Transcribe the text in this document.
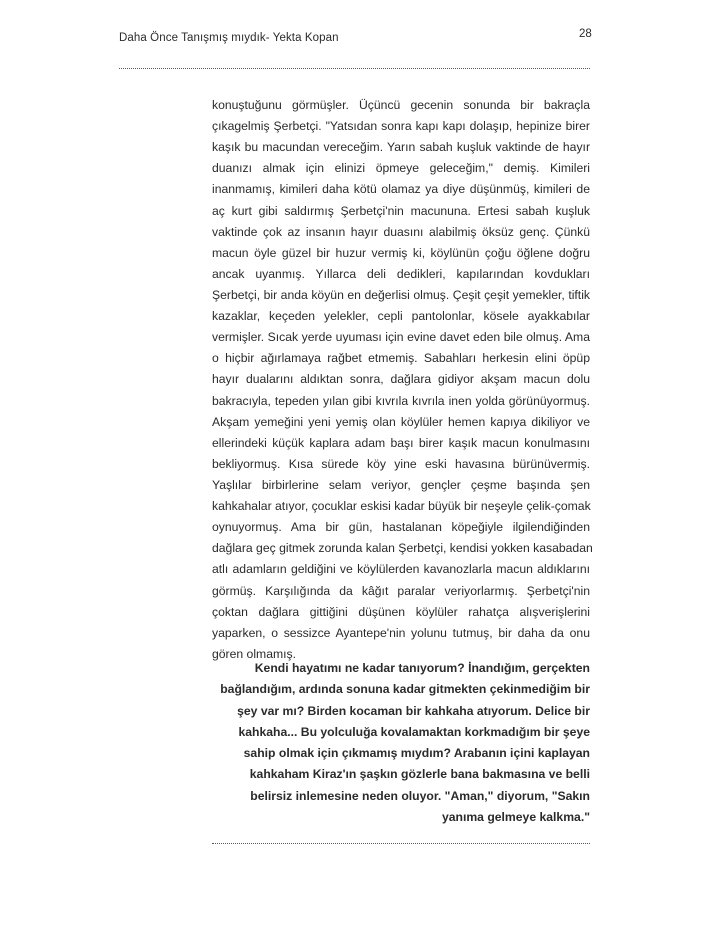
Daha Önce Tanışmış mıydık- Yekta Kopan	28
konuştuğunu görmüşler. Üçüncü gecenin sonunda bir bakraçla
çıkagelmiş Şerbetçi. "Yatsıdan sonra kapı kapı dolaşıp, hepinize birer
kaşık bu macundan vereceğim. Yarın sabah kuşluk vaktinde de hayır
duanızı almak için elinizi öpmeye geleceğim," demiş. Kimileri
inanmamış, kimileri daha kötü olamaz ya diye düşünmüş, kimileri de
aç kurt gibi saldırmış Şerbetçi'nin macununa. Ertesi sabah kuşluk
vaktinde çok az insanın hayır duasını alabilmiş öksüz genç. Çünkü
macun öyle güzel bir huzur vermiş ki, köylünün çoğu öğlene doğru
ancak uyanmış. Yıllarca deli dedikleri, kapılarından kovdukları
Şerbetçi, bir anda köyün en değerlisi olmuş. Çeşit çeşit yemekler, tiftik
kazaklar, keçeden yelekler, cepli pantolonlar, kösele ayakkabılar
vermişler. Sıcak yerde uyuması için evine davet eden bile olmuş. Ama
o hiçbir ağırlamaya rağbet etmemiş. Sabahları herkesin elini öpüp
hayır dualarını aldıktan sonra, dağlara gidiyor akşam macun dolu
bakracıyla, tepeden yılan gibi kıvrıla kıvrıla inen yolda görünüyormuş.
Akşam yemeğini yeni yemiş olan köylüler hemen kapıya dikiliyor ve
ellerindeki küçük kaplara adam başı birer kaşık macun konulmasını
bekliyormuş. Kısa sürede köy yine eski havasına bürünüvermiş.
Yaşlılar birbirlerine selam veriyor, gençler çeşme başında şen
kahkahalar atıyor, çocuklar eskisi kadar büyük bir neşeyle çelik-çomak
oynuyormuş. Ama bir gün, hastalanan köpeğiyle ilgilendiğinden
dağlara geç gitmek zorunda kalan Şerbetçi, kendisi yokken kasabadan
atlı adamların geldiğini ve köylülerden kavanozlarla macun aldıklarını
görmüş. Karşılığında da kâğıt paralar veriyorlarmış. Şerbetçi'nin
çoktan dağlara gittiğini düşünen köylüler rahatça alışverişlerini
yaparken, o sessizce Ayantepe'nin yolunu tutmuş, bir daha da onu
gören olmamış.
Kendi hayatımı ne kadar tanıyorum? İnandığım, gerçekten
bağlandığım, ardında sonuna kadar gitmekten çekinmediğim bir
şey var mı? Birden kocaman bir kahkaha atıyorum. Delice bir
kahkaha... Bu yolculuğa kovalamaktan korkmadığım bir şeye
sahip olmak için çıkmamış mıydım? Arabanın içini kaplayan
kahkaham Kiraz'ın şaşkın gözlerle bana bakmasına ve belli
belirsiz inlemesine neden oluyor. "Aman," diyorum, "Sakın
yanıma gelmeye kalkma."
